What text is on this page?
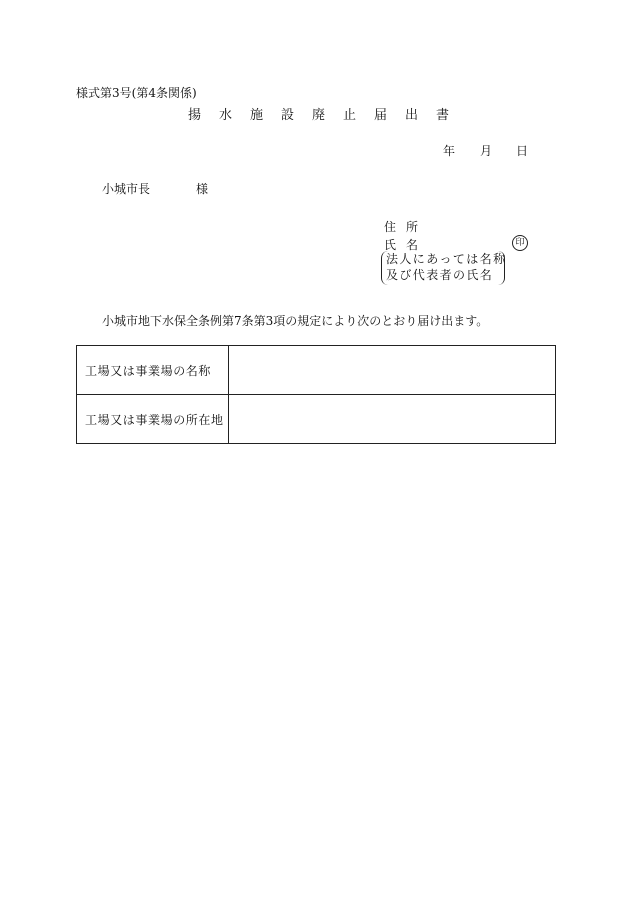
様式第3号(第4条関係)
揚水施設廃止届出書
年 月 日
小城市長	様
住所
氏名	印
法人にあっては名称
及び代表者の氏名
小城市地下水保全条例第7条第3項の規定により次のとおり届け出ます。
工場又は事業場の名称	
工場又は事業場の所在地	
